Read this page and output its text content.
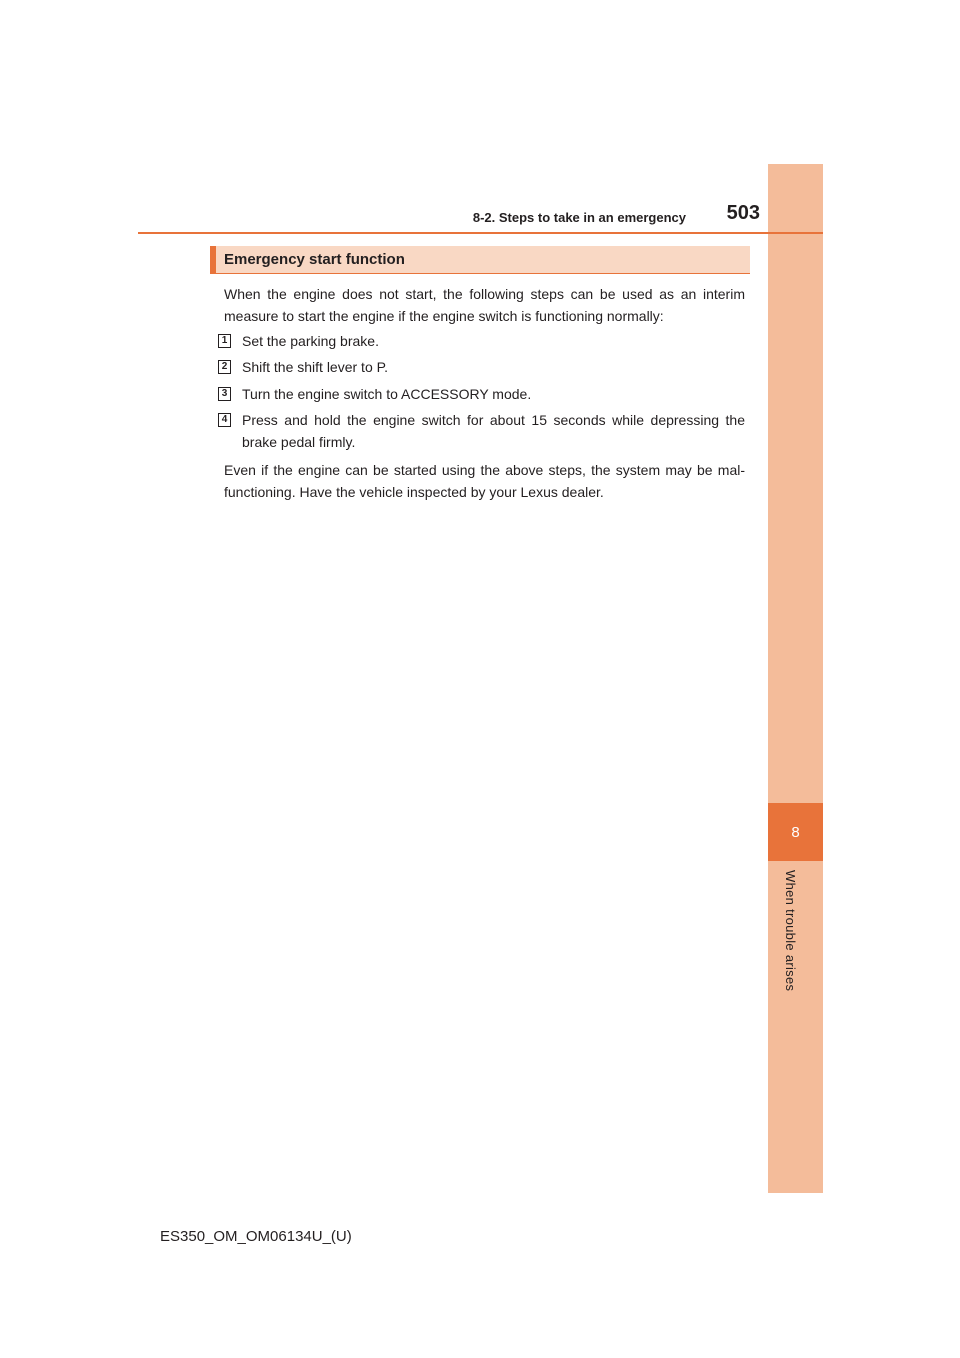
8
When trouble arises
8-2. Steps to take in an emergency	503
Emergency start function
When the engine does not start, the following steps can be used as an interim measure to start the engine if the engine switch is functioning normally:
1 Set the parking brake.
2 Shift the shift lever to P.
3 Turn the engine switch to ACCESSORY mode.
4 Press and hold the engine switch for about 15 seconds while depressing the brake pedal firmly.
Even if the engine can be started using the above steps, the system may be mal-functioning. Have the vehicle inspected by your Lexus dealer.
ES350_OM_OM06134U_(U)
